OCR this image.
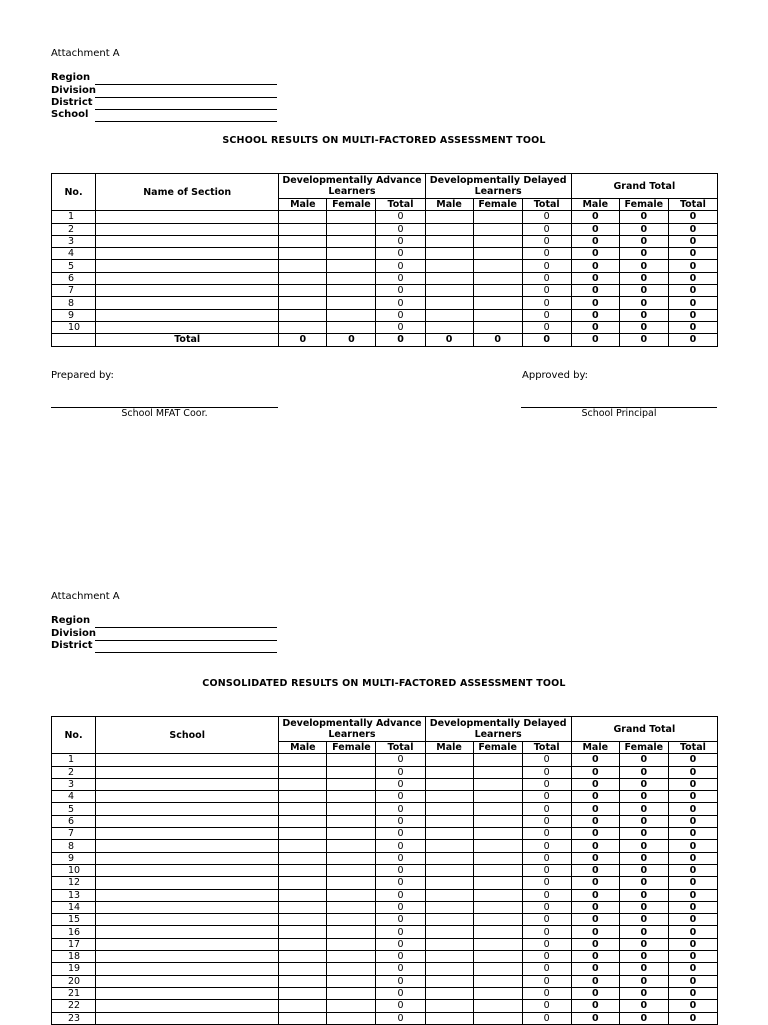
Attachment A
Region
Division
District
School
SCHOOL RESULTS ON MULTI-FACTORED ASSESSMENT TOOL
No.	Name of Section	Developmentally Advance Learners			Developmentally Delayed Learners			Grand Total		
		Male	Female	Total	Male	Female	Total	Male	Female	Total
1				0			0	0	0	0
2				0			0	0	0	0
3				0			0	0	0	0
4				0			0	0	0	0
5				0			0	0	0	0
6				0			0	0	0	0
7				0			0	0	0	0
8				0			0	0	0	0
9				0			0	0	0	0
10				0			0	0	0	0
	Total	0	0	0	0	0	0	0	0	0
Prepared by:	Approved by:
School MFAT Coor.	School Principal
Attachment A
Region
Division
District
CONSOLIDATED RESULTS ON MULTI-FACTORED ASSESSMENT TOOL
No.	School	Developmentally Advance Learners			Developmentally Delayed Learners			Grand Total		
		Male	Female	Total	Male	Female	Total	Male	Female	Total
1				0			0	0	0	0
2				0			0	0	0	0
3				0			0	0	0	0
4				0			0	0	0	0
5				0			0	0	0	0
6				0			0	0	0	0
7				0			0	0	0	0
8				0			0	0	0	0
9				0			0	0	0	0
10				0			0	0	0	0
12				0			0	0	0	0
13				0			0	0	0	0
14				0			0	0	0	0
15				0			0	0	0	0
16				0			0	0	0	0
17				0			0	0	0	0
18				0			0	0	0	0
19				0			0	0	0	0
20				0			0	0	0	0
21				0			0	0	0	0
22				0			0	0	0	0
23				0			0	0	0	0
